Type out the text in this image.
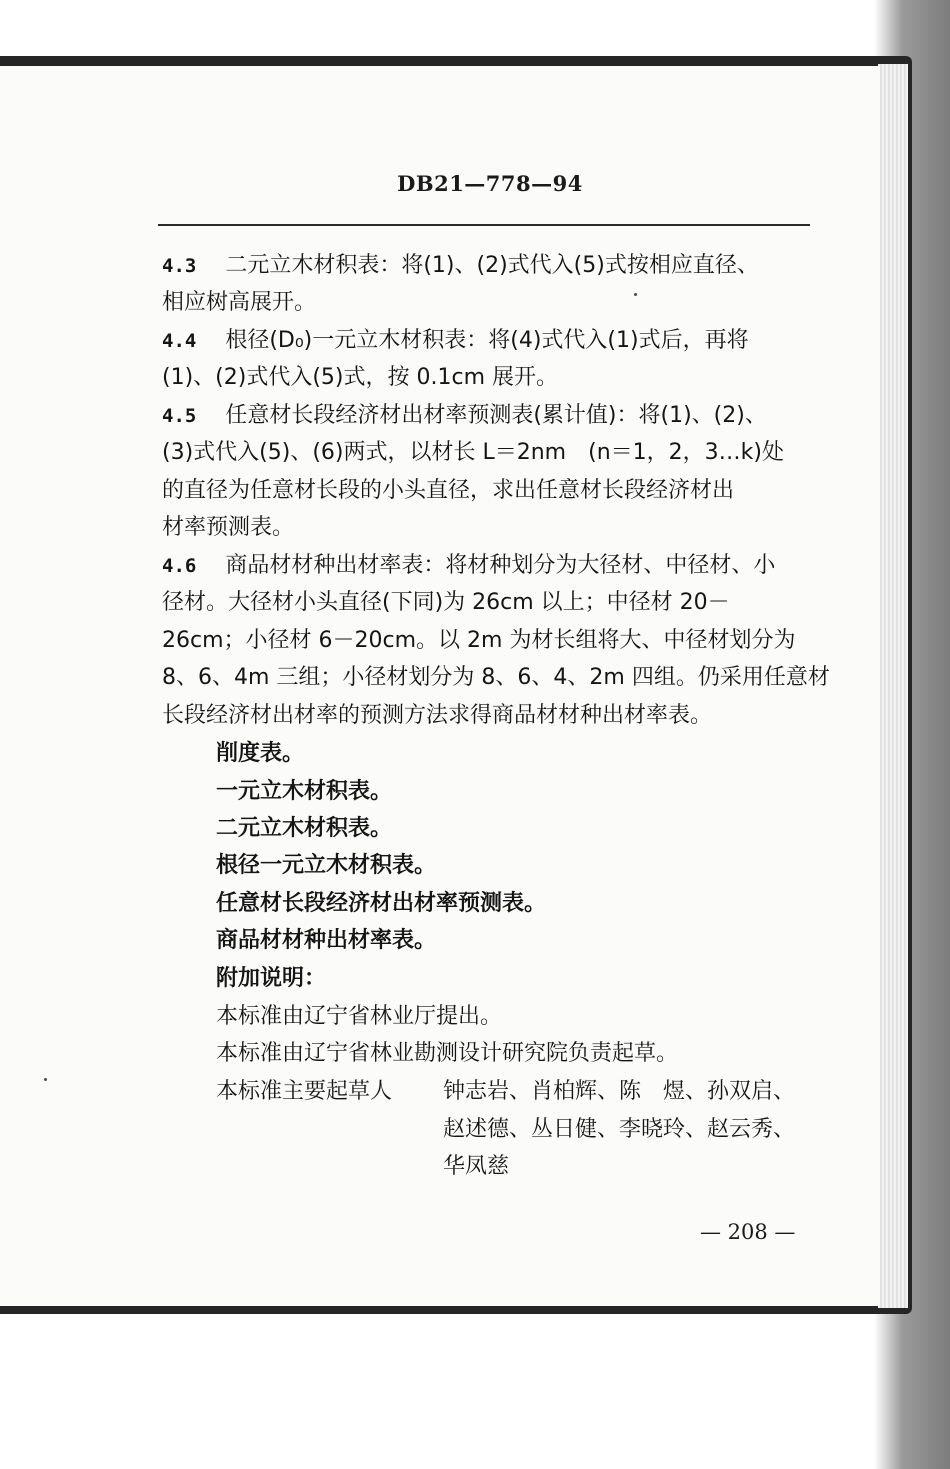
DB21—778—94
4.3　 二元立木材积表：将(1)、(2)式代入(5)式按相应直径、
相应树高展开。
4.4　 根径(D₀)一元立木材积表：将(4)式代入(1)式后，再将
(1)、(2)式代入(5)式，按 0.1cm 展开。
4.5　 任意材长段经济材出材率预测表(累计值)：将(1)、(2)、
(3)式代入(5)、(6)两式，以材长 L＝2nm　(n＝1，2，3…k)处
的直径为任意材长段的小头直径，求出任意材长段经济材出
材率预测表。
4.6　 商品材材种出材率表：将材种划分为大径材、中径材、小
径材。大径材小头直径(下同)为 26cm 以上；中径材 20－
26cm；小径材 6－20cm。以 2m 为材长组将大、中径材划分为
8、6、4m 三组；小径材划分为 8、6、4、2m 四组。仍采用任意材
长段经济材出材率的预测方法求得商品材材种出材率表。
削度表。
一元立木材积表。
二元立木材积表。
根径一元立木材积表。
任意材长段经济材出材率预测表。
商品材材种出材率表。
附加说明：
本标准由辽宁省林业厅提出。
本标准由辽宁省林业勘测设计研究院负责起草。
本标准主要起草人 钟志岩、肖柏辉、陈　煜、孙双启、
赵述德、丛日健、李晓玲、赵云秀、
华凤慈
— 208 —
